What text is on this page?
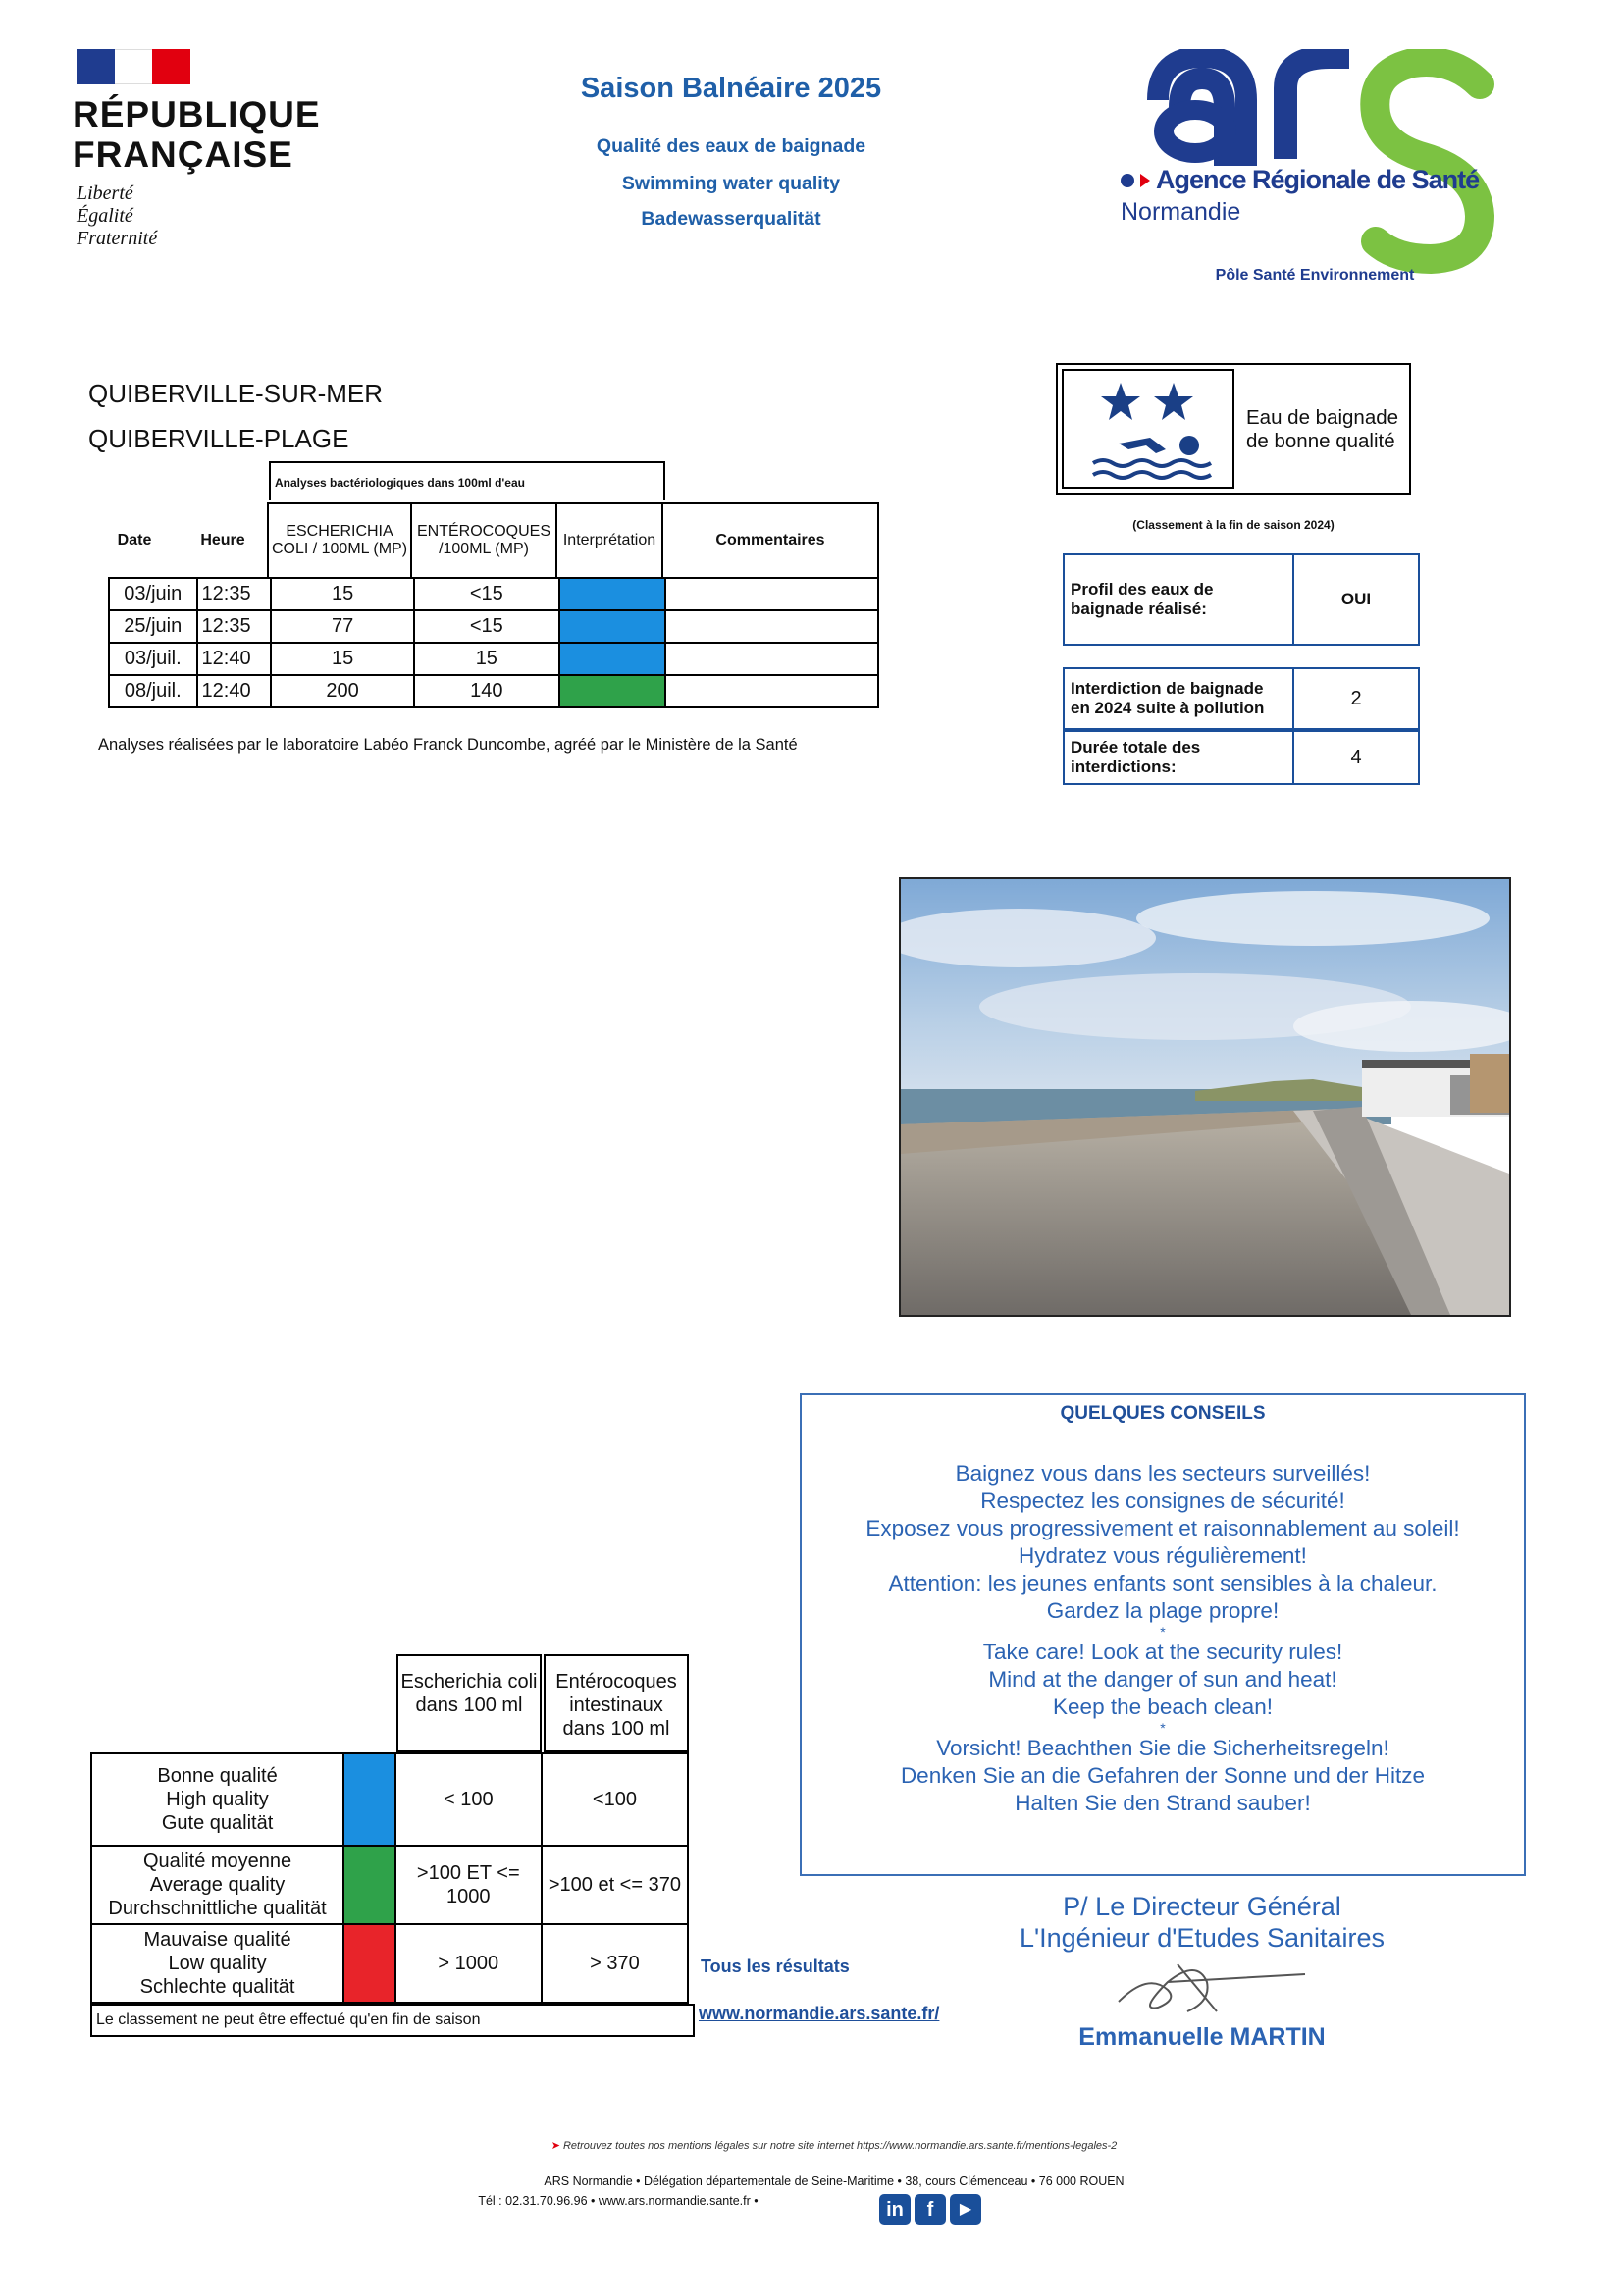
RÉPUBLIQUE
FRANÇAISE
Liberté
Égalité
Fraternité
Saison Balnéaire 2025
Qualité des eaux de baignade
Swimming water quality
Badewasserqualität
Agence Régionale de Santé
Normandie
Pôle Santé Environnement
QUIBERVILLE-SUR-MER
QUIBERVILLE-PLAGE
Analyses bactériologiques dans 100ml d'eau
Date	Heure
ESCHERICHIA COLI / 100ML (MP)
ENTÉROCOQUES /100ML (MP)
Interprétation	Commentaires
03/juin	12:35	15	<15		
25/juin	12:35	77	<15		
03/juil.	12:40	15	15		
08/juil.	12:40	200	140		
Analyses réalisées par le laboratoire Labéo Franck Duncombe, agréé par le Ministère de la Santé
Eau de baignade
de bonne qualité
(Classement à la fin de saison 2024)
Profil des eaux de baignade réalisé:	OUI
Interdiction de baignade en 2024 suite à pollution	2
Durée totale des interdictions:	4
QUELQUES CONSEILS

Baignez vous dans les secteurs surveillés!

Respectez les consignes de sécurité!

Exposez vous progressivement et raisonnablement au soleil!

Hydratez vous régulièrement!

Attention: les jeunes enfants sont sensibles à la chaleur.

Gardez la plage propre!

*

Take care! Look at the security rules!

Mind at the danger of sun and heat!

Keep the beach clean!

*

Vorsicht! Beachthen Sie die Sicherheitsregeln!

Denken Sie an die Gefahren der Sonne und der Hitze

Halten Sie den Strand sauber!

Escherichia coli dans 100 ml
Entérocoques intestinaux dans 100 ml
Bonne qualité
High quality
Gute qualität		< 100	<100

Qualité moyenne
Average quality
Durchschnittliche qualität		>100 ET <= 1000	>100 et <= 370

Mauvaise qualité
Low quality
Schlechte qualität		> 1000	> 370
Le classement ne peut être effectué qu'en fin de saison
Tous les résultats
www.normandie.ars.sante.fr/
P/ Le Directeur Général
L'Ingénieur d'Etudes Sanitaires
Emmanuelle MARTIN
➤ Retrouvez toutes nos mentions légales sur notre site internet https://www.normandie.ars.sante.fr/mentions-legales-2
ARS Normandie • Délégation départementale de Seine-Maritime • 38, cours Clémenceau • 76 000 ROUEN
Tél : 02.31.70.96.96 • www.ars.normandie.sante.fr •	in	f	▶
